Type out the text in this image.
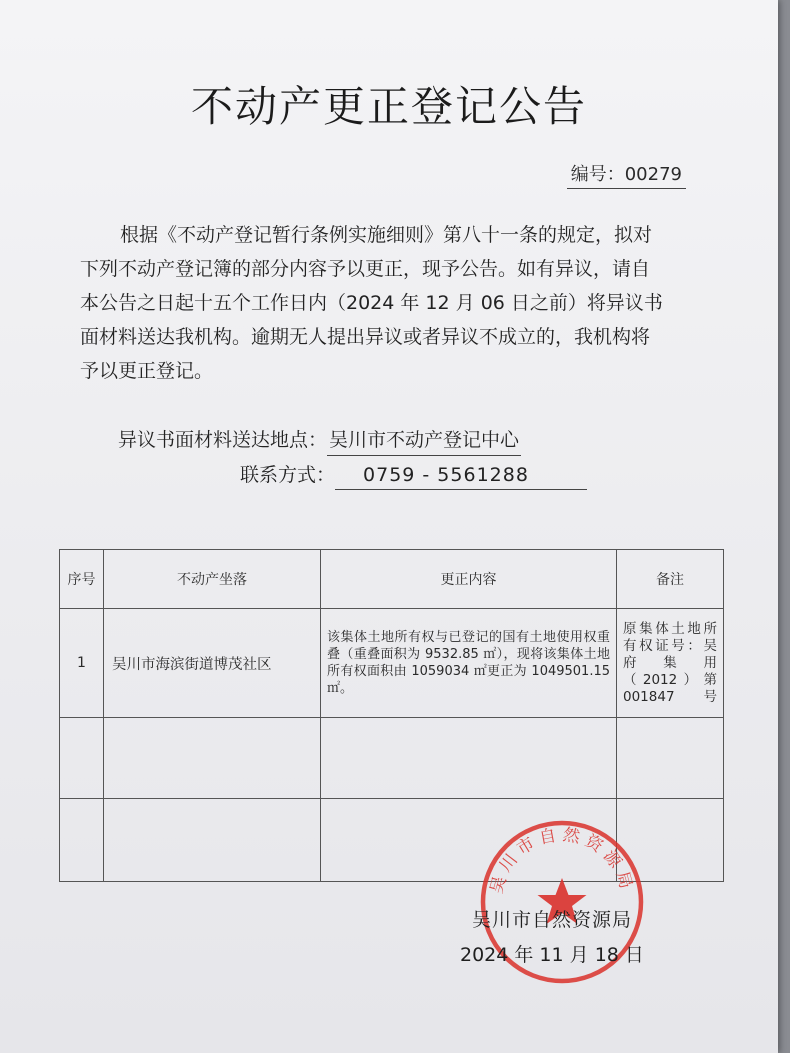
不动产更正登记公告
编号：00279
根据《不动产登记暂行条例实施细则》第八十一条的规定，拟对
下列不动产登记簿的部分内容予以更正，现予公告。如有异议，请自
本公告之日起十五个工作日内（2024 年 12 月 06 日之前）将异议书
面材料送达我机构。逾期无人提出异议或者异议不成立的，我机构将
予以更正登记。
异议书面材料送达地点： 吴川市不动产登记中心
联系方式： 0759 - 5561288
序号	不动产坐落	更正内容	备注
1	吴川市海滨街道博茂社区	该集体土地所有权与已登记的国有土地使用权重叠（重叠面积为 9532.85 ㎡），现将该集体土地所有权面积由 1059034 ㎡更正为 1049501.15 ㎡。	原集体土地所有权证号：吴府集用（2012）第001847号

吴川市自然资源局
吴川市自然资源局
2024 年 11 月 18 日
